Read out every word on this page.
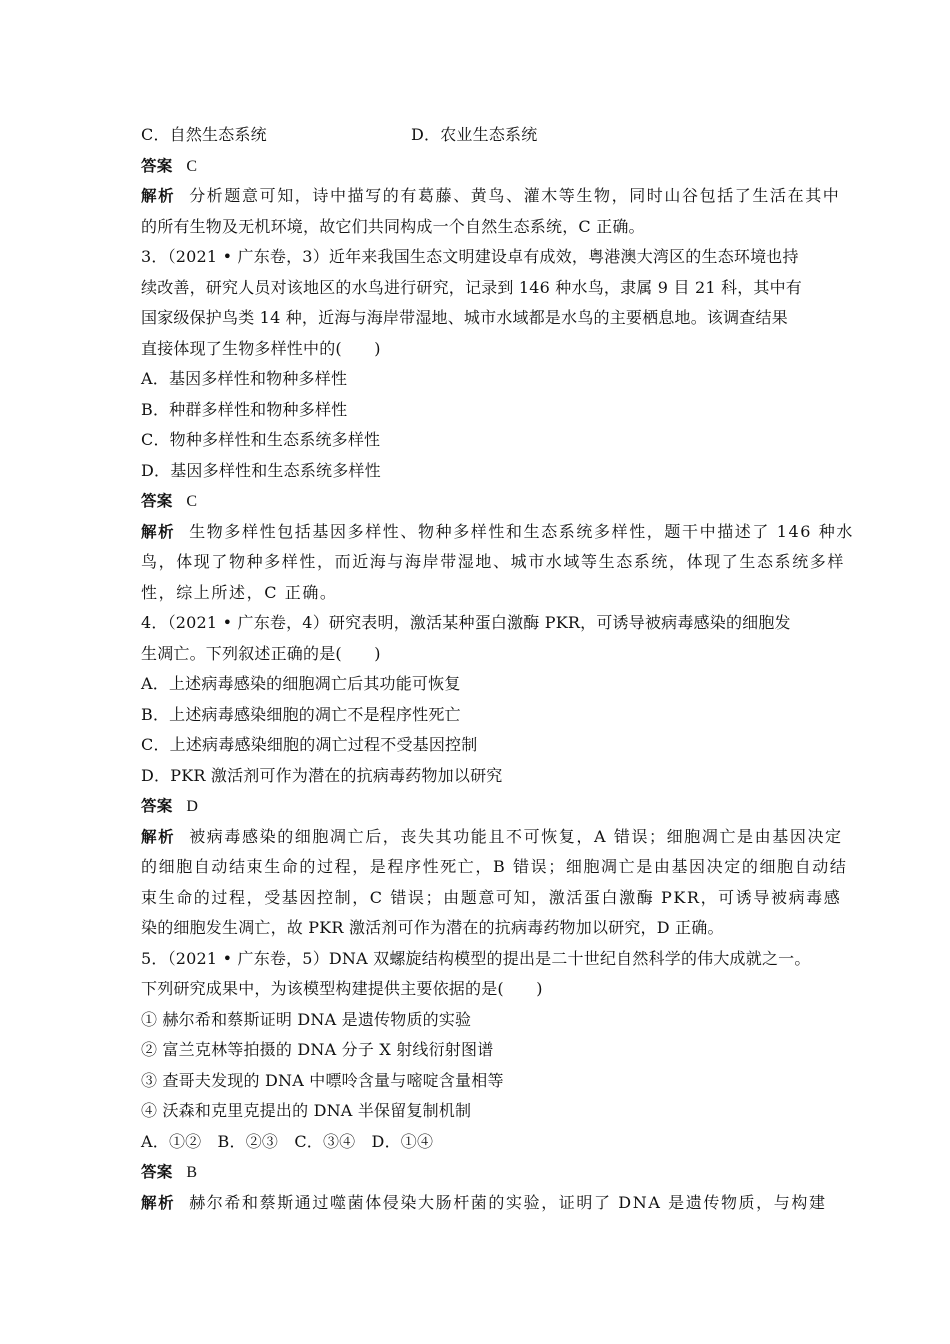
C．自然生态系统	D．农业生态系统
答案 C
解析 分析题意可知，诗中描写的有葛藤、黄鸟、灌木等生物，同时山谷包括了生活在其中
的所有生物及无机环境，故它们共同构成一个自然生态系统，C 正确。
3．（2021 • 广东卷，3）近年来我国生态文明建设卓有成效，粤港澳大湾区的生态环境也持
续改善，研究人员对该地区的水鸟进行研究，记录到 146 种水鸟，隶属 9 目 21 科，其中有
国家级保护鸟类 14 种，近海与海岸带湿地、城市水域都是水鸟的主要栖息地。该调查结果
直接体现了生物多样性中的(　　)
A．基因多样性和物种多样性
B．种群多样性和物种多样性
C．物种多样性和生态系统多样性
D．基因多样性和生态系统多样性
答案 C
解析 生物多样性包括基因多样性、物种多样性和生态系统多样性，题干中描述了 146 种水
鸟，体现了物种多样性，而近海与海岸带湿地、城市水域等生态系统，体现了生态系统多样
性，综上所述，C 正确。
4．（2021 • 广东卷，4）研究表明，激活某种蛋白激酶 PKR，可诱导被病毒感染的细胞发
生凋亡。下列叙述正确的是(　　)
A．上述病毒感染的细胞凋亡后其功能可恢复
B．上述病毒感染细胞的凋亡不是程序性死亡
C．上述病毒感染细胞的凋亡过程不受基因控制
D．PKR 激活剂可作为潜在的抗病毒药物加以研究
答案 D
解析 被病毒感染的细胞凋亡后，丧失其功能且不可恢复，A 错误；细胞凋亡是由基因决定
的细胞自动结束生命的过程，是程序性死亡，B 错误；细胞凋亡是由基因决定的细胞自动结
束生命的过程，受基因控制，C 错误；由题意可知，激活蛋白激酶 PKR，可诱导被病毒感
染的细胞发生凋亡，故 PKR 激活剂可作为潜在的抗病毒药物加以研究，D 正确。
5．（2021 • 广东卷，5）DNA 双螺旋结构模型的提出是二十世纪自然科学的伟大成就之一。
下列研究成果中，为该模型构建提供主要依据的是(　　)
① 赫尔希和蔡斯证明 DNA 是遗传物质的实验
② 富兰克林等拍摄的 DNA 分子 X 射线衍射图谱
③ 查哥夫发现的 DNA 中嘌呤含量与嘧啶含量相等
④ 沃森和克里克提出的 DNA 半保留复制机制
A．①②　B．②③　C．③④　D．①④
答案 B
解析 赫尔希和蔡斯通过噬菌体侵染大肠杆菌的实验，证明了 DNA 是遗传物质，与构建
